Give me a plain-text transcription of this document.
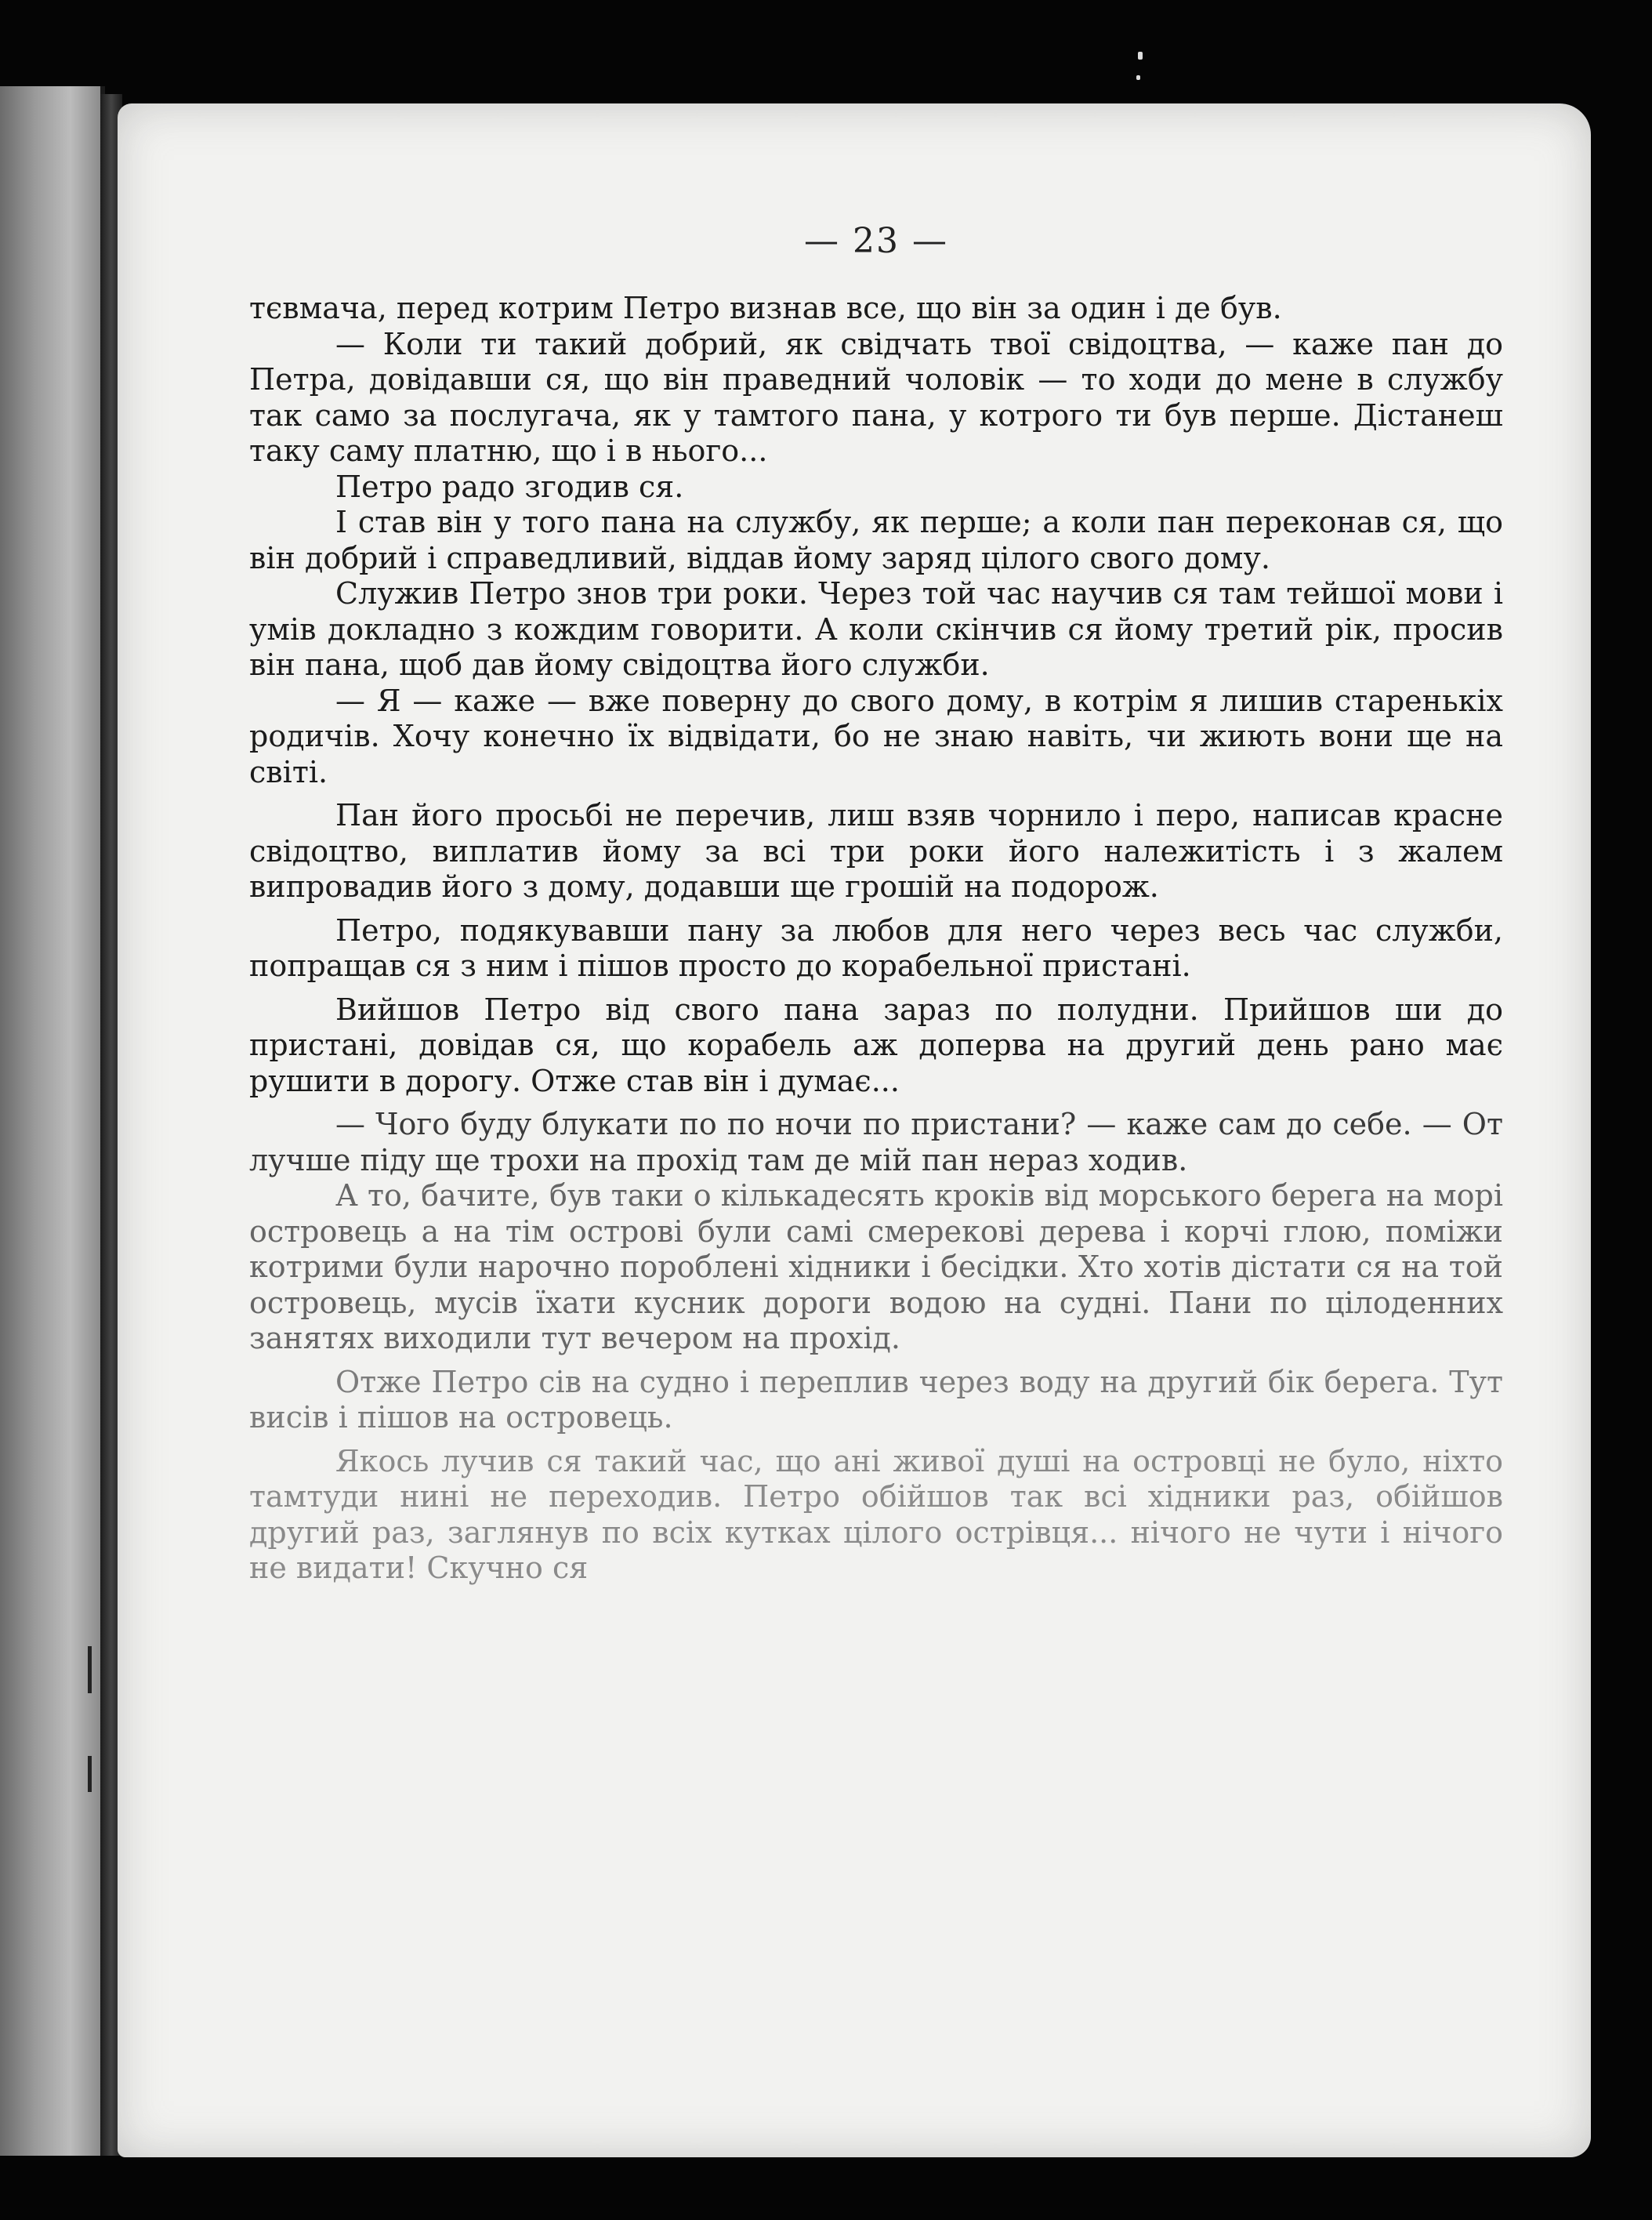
— 23 —

тєвмача, перед котрим Петро визнав все, що він за один і де був.

— Коли ти такий добрий, як свідчать твої свідоцтва, — каже пан до Петра, довідавши ся, що він праведний чоловік — то ходи до мене в службу так само за послугача, як у тамтого пана, у котрого ти був перше. Дістанеш таку саму платню, що і в нього...

Петро радо згодив ся.

І став він у того пана на службу, як перше; а коли пан переконав ся, що він добрий і справедливий, віддав йому заряд цілого свого дому.

Служив Петро знов три роки. Через той час научив ся там тейшої мови і умів докладно з кождим говорити. А коли скінчив ся йому третий рік, просив він пана, щоб дав йому свідоцтва його служби.

— Я — каже — вже поверну до свого дому, в котрім я лишив старенькіх родичів. Хочу конечно їх відвідати, бо не знаю навіть, чи жиють вони ще на світі.

Пан його просьбі не перечив, лиш взяв чорнило і перо, написав красне свідоцтво, виплатив йому за всі три роки його належитість і з жалем випровадив його з дому, додавши ще грошій на подорож.

Петро, подякувавши пану за любов для него через весь час служби, попращав ся з ним і пішов просто до корабельної пристані.

Вийшов Петро від свого пана зараз по полудни. Прийшов ши до пристані, довідав ся, що корабель аж доперва на другий день рано має рушити в дорогу. Отже став він і думає...

— Чого буду блукати по по ночи по пристани? — каже сам до себе. — От лучше піду ще трохи на прохід там де мій пан нераз ходив.

А то, бачите, був таки о кількадесять кроків від морського берега на морі островець а на тім острові були самі смерекові дерева і корчі глою, поміжи котрими були нарочно пороблені хідники і бесідки. Хто хотів дістати ся на той островець, мусів їхати кусник дороги водою на судні. Пани по цілоденних занятях виходили тут вечером на прохід.

Отже Петро сів на судно і переплив через воду на другий бік берега. Тут висів і пішов на островець.

Якось лучив ся такий час, що ані живої душі на островці не було, ніхто тамтуди нині не переходив. Петро обійшов так всі хідники раз, обійшов другий раз, заглянув по всіх кутках цілого острівця... нічого не чути і нічого не видати! Скучно ся
